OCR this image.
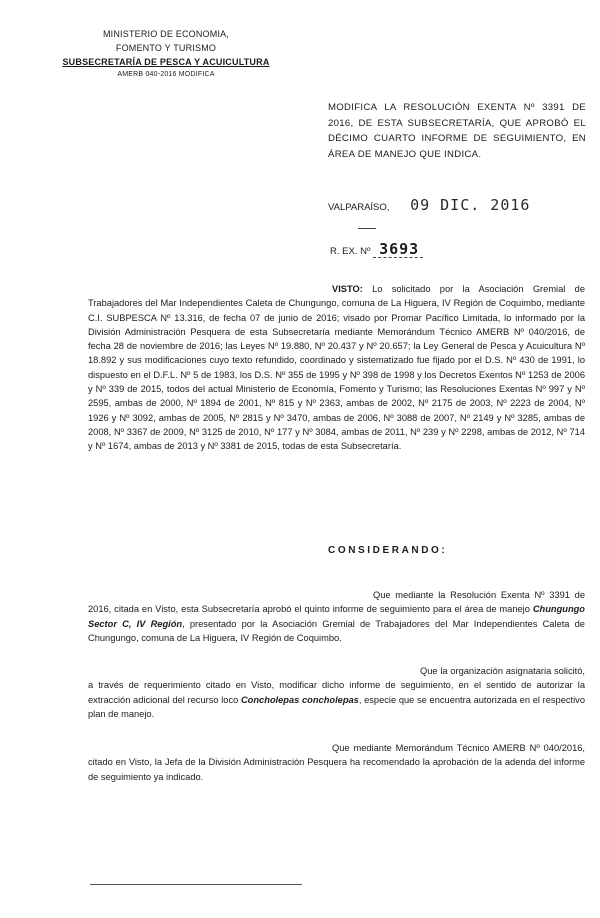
MINISTERIO DE ECONOMIA,
FOMENTO Y TURISMO
SUBSECRETARÍA DE PESCA Y ACUICULTURA
AMERB 040-2016 MODIFICA
MODIFICA LA RESOLUCIÓN EXENTA Nº 3391 DE 2016, DE ESTA SUBSECRETARÍA, QUE APROBÓ EL DÉCIMO CUARTO INFORME DE SEGUIMIENTO, EN ÁREA DE MANEJO QUE INDICA.
VALPARAÍSO, 09 DIC. 2016
R. EX. Nº 3693
VISTO: Lo solicitado por la Asociación Gremial de Trabajadores del Mar Independientes Caleta de Chungungo, comuna de La Higuera, IV Región de Coquimbo, mediante C.I. SUBPESCA Nº 13.316, de fecha 07 de junio de 2016; visado por Promar Pacífico Limitada, lo informado por la División Administración Pesquera de esta Subsecretaría mediante Memorándum Técnico AMERB Nº 040/2016, de fecha 28 de noviembre de 2016; las Leyes Nº 19.880, Nº 20.437 y Nº 20.657; la Ley General de Pesca y Acuicultura Nº 18.892 y sus modificaciones cuyo texto refundido, coordinado y sistematizado fue fijado por el D.S. Nº 430 de 1991, lo dispuesto en el D.F.L. Nº 5 de 1983, los D.S. Nº 355 de 1995 y Nº 398 de 1998 y los Decretos Exentos Nº 1253 de 2006 y Nº 339 de 2015, todos del actual Ministerio de Economía, Fomento y Turismo; las Resoluciones Exentas Nº 997 y Nº 2595, ambas de 2000, Nº 1894 de 2001, Nº 815 y Nº 2363, ambas de 2002, Nº 2175 de 2003, Nº 2223 de 2004, Nº 1926 y Nº 3092, ambas de 2005, Nº 2815 y Nº 3470, ambas de 2006, Nº 3088 de 2007, Nº 2149 y Nº 3285, ambas de 2008, Nº 3367 de 2009, Nº 3125 de 2010, Nº 177 y Nº 3084, ambas de 2011, Nº 239 y Nº 2298, ambas de 2012, Nº 714 y Nº 1674, ambas de 2013 y Nº 3381 de 2015, todas de esta Subsecretaría.
CONSIDERANDO:
Que mediante la Resolución Exenta Nº 3391 de 2016, citada en Visto, esta Subsecretaría aprobó el quinto informe de seguimiento para el área de manejo Chungungo Sector C, IV Región, presentado por la Asociación Gremial de Trabajadores del Mar Independientes Caleta de Chungungo, comuna de La Higuera, IV Región de Coquimbo.
Que la organización asignataria solicitó, a través de requerimiento citado en Visto, modificar dicho informe de seguimiento, en el sentido de autorizar la extracción adicional del recurso loco Concholepas concholepas, especie que se encuentra autorizada en el respectivo plan de manejo.
Que mediante Memorándum Técnico AMERB Nº 040/2016, citado en Visto, la Jefa de la División Administración Pesquera ha recomendado la aprobación de la adenda del informe de seguimiento ya indicado.
